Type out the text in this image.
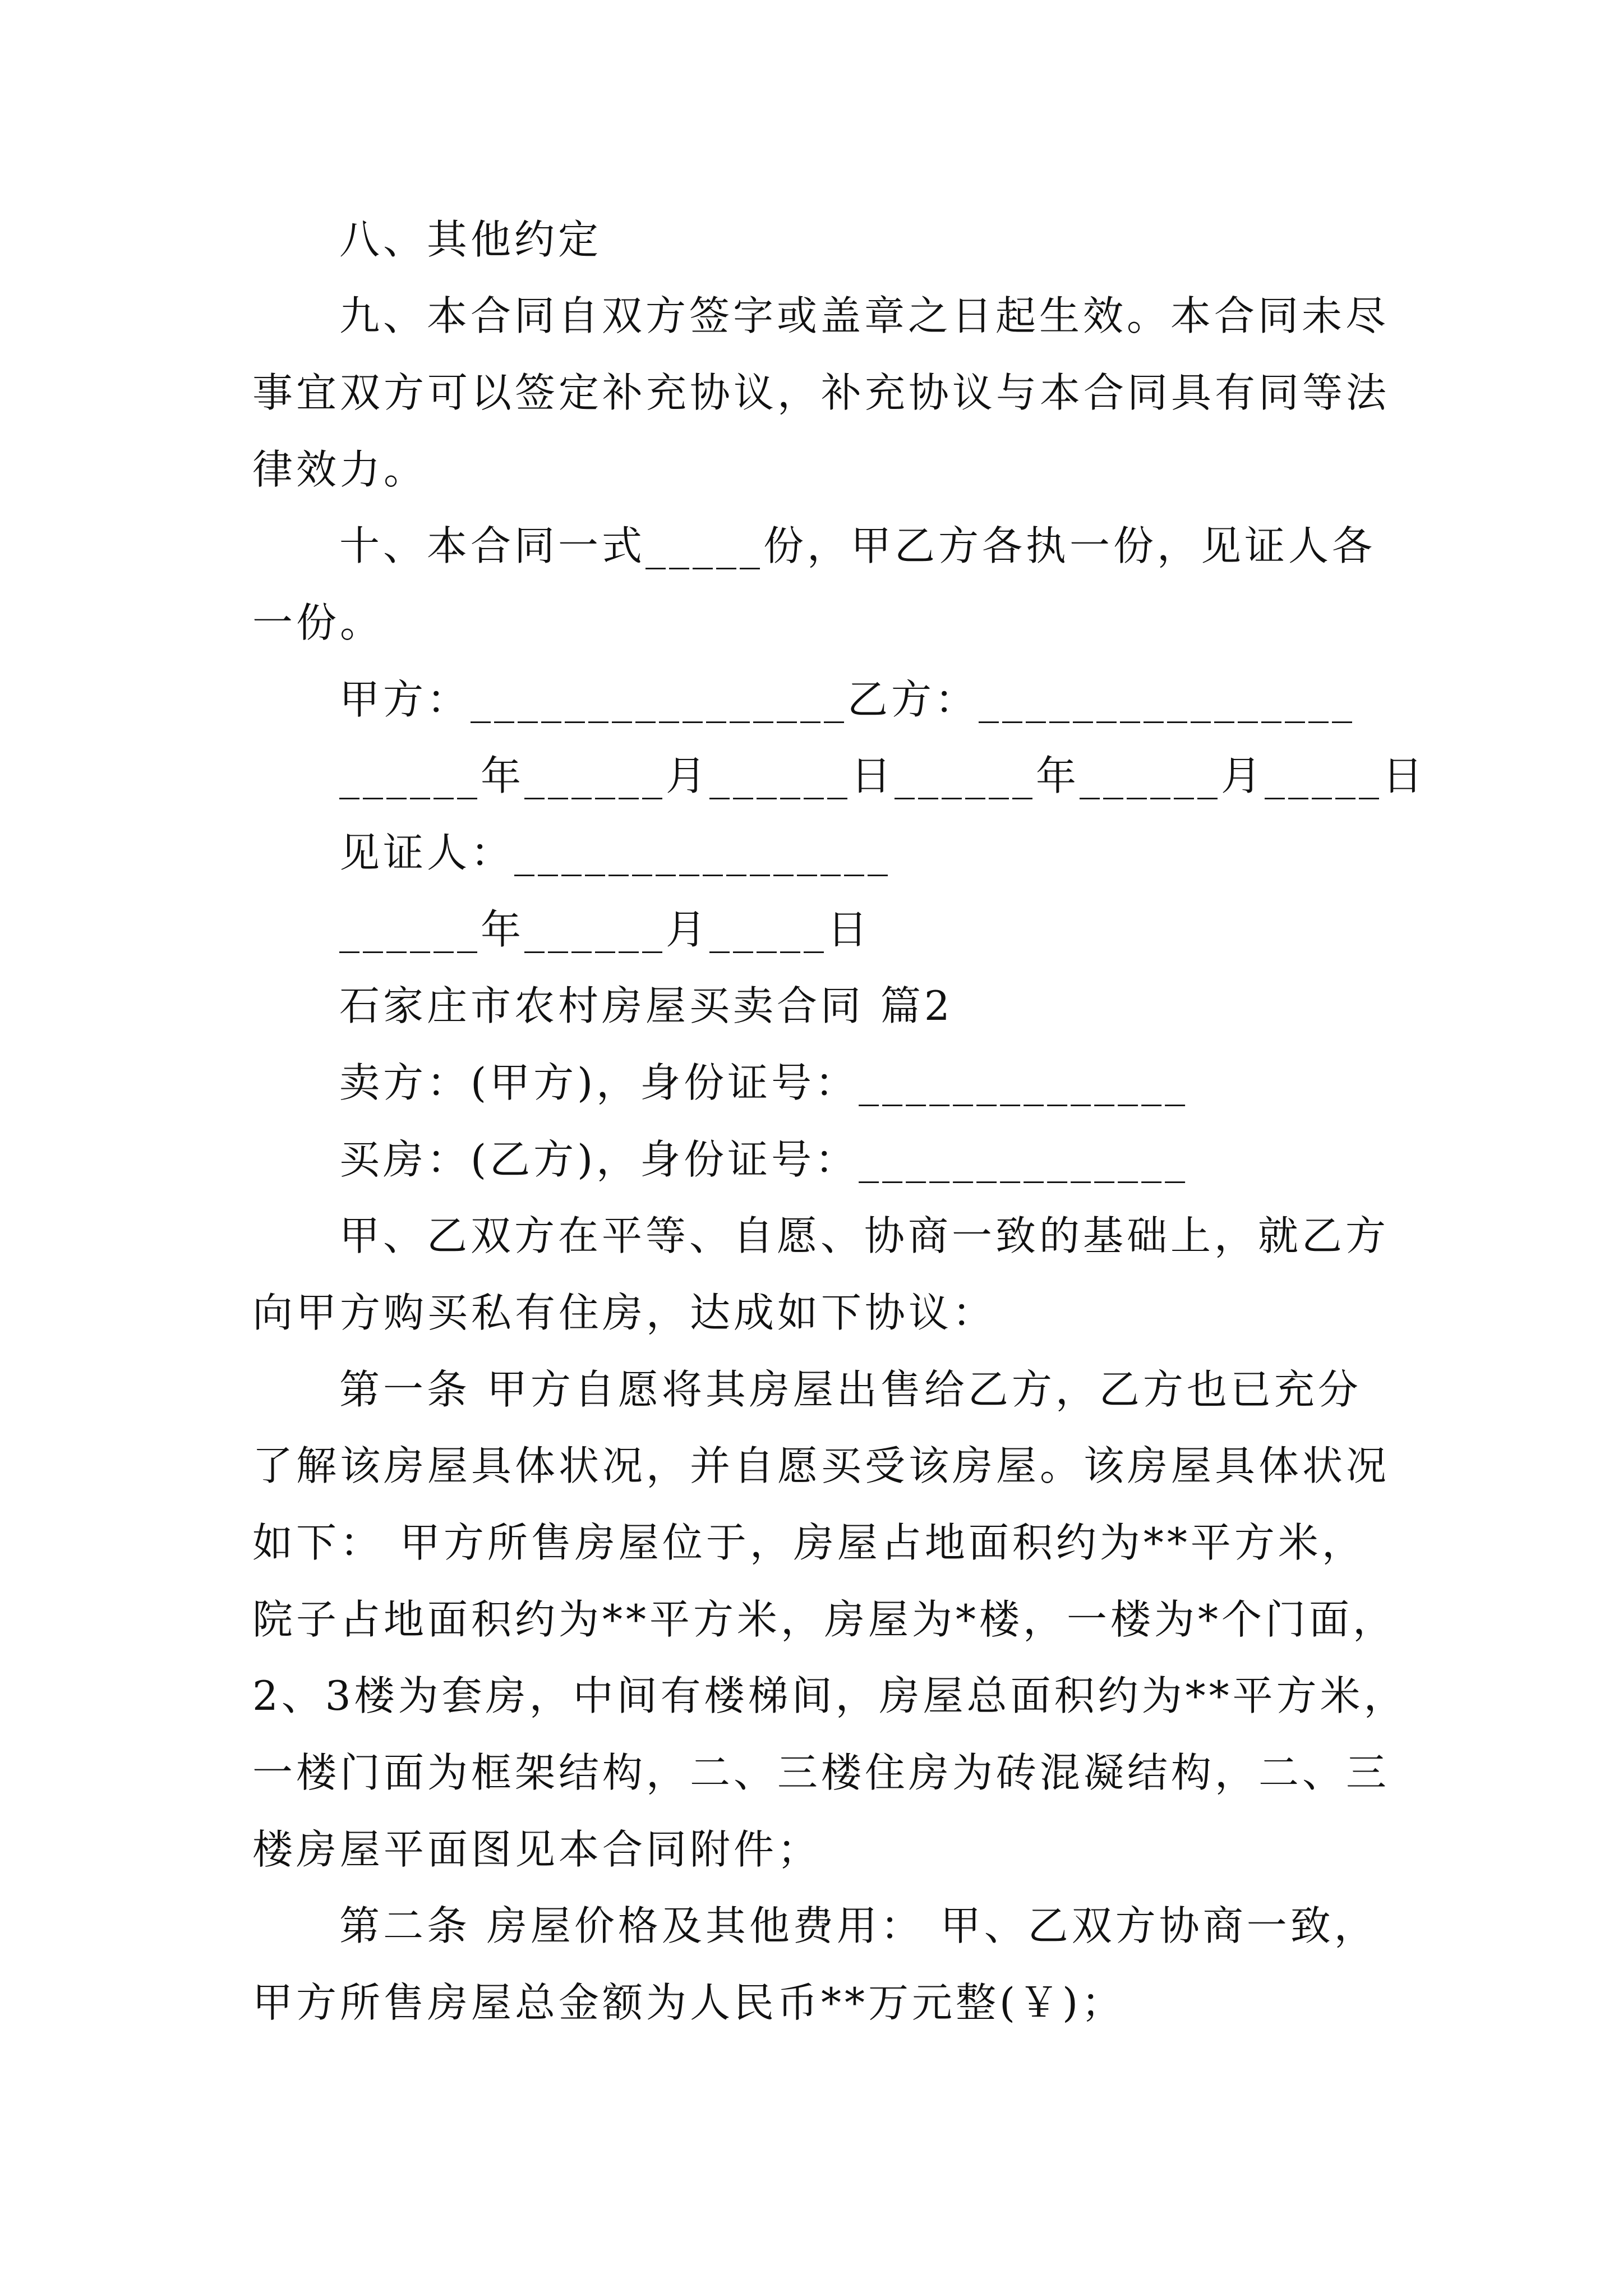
八、其他约定
九、本合同自双方签字或盖章之日起生效。本合同未尽
事宜双方可以签定补充协议，补充协议与本合同具有同等法
律效力。
十、本合同一式_____份，甲乙方各执一份，见证人各
一份。
甲方：________________乙方：________________
______年______月______日______年______月_____日
见证人：________________
______年______月_____日
石家庄市农村房屋买卖合同 篇2
卖方：(甲方)，身份证号：______________
买房：(乙方)，身份证号：______________
甲、乙双方在平等、自愿、协商一致的基础上，就乙方
向甲方购买私有住房，达成如下协议：
第一条 甲方自愿将其房屋出售给乙方，乙方也已充分
了解该房屋具体状况，并自愿买受该房屋。该房屋具体状况
如下： 甲方所售房屋位于，房屋占地面积约为**平方米，
院子占地面积约为**平方米，房屋为*楼，一楼为*个门面，
2、3楼为套房，中间有楼梯间，房屋总面积约为**平方米，
一楼门面为框架结构，二、三楼住房为砖混凝结构，二、三
楼房屋平面图见本合同附件；
第二条 房屋价格及其他费用： 甲、乙双方协商一致，
甲方所售房屋总金额为人民币**万元整(￥)；
